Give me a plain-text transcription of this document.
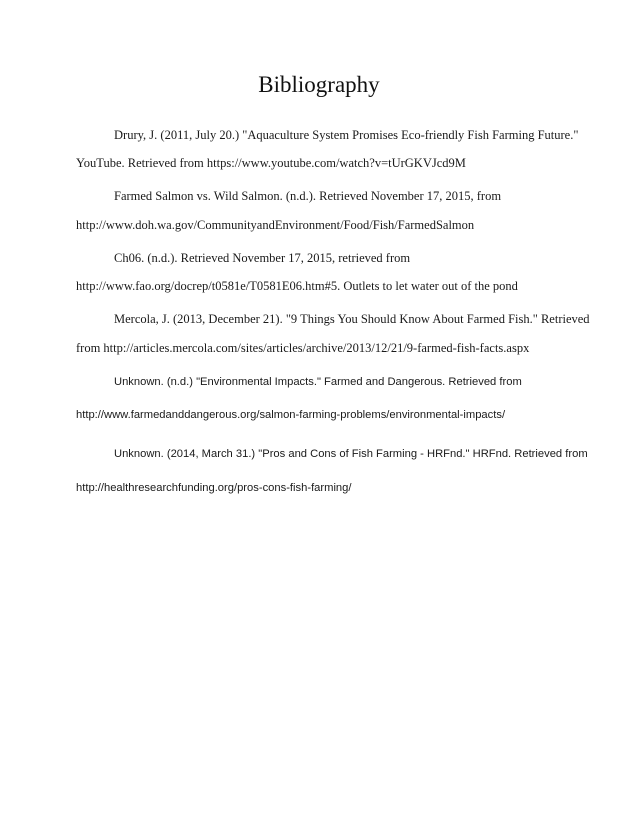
Bibliography
Drury, J. (2011, July 20.) "Aquaculture System Promises Eco-friendly Fish Farming Future."
YouTube. Retrieved from https://www.youtube.com/watch?v=tUrGKVJcd9M
Farmed Salmon vs. Wild Salmon. (n.d.). Retrieved November 17, 2015, from
http://www.doh.wa.gov/CommunityandEnvironment/Food/Fish/FarmedSalmon
Ch06. (n.d.). Retrieved November 17, 2015, retrieved from
http://www.fao.org/docrep/t0581e/T0581E06.htm#5. Outlets to let water out of the pond
Mercola, J. (2013, December 21). "9 Things You Should Know About Farmed Fish." Retrieved
from http://articles.mercola.com/sites/articles/archive/2013/12/21/9-farmed-fish-facts.aspx
Unknown. (n.d.) "Environmental Impacts." Farmed and Dangerous. Retrieved from
http://www.farmedanddangerous.org/salmon-farming-problems/environmental-impacts/
Unknown. (2014, March 31.) "Pros and Cons of Fish Farming - HRFnd." HRFnd. Retrieved from
http://healthresearchfunding.org/pros-cons-fish-farming/
